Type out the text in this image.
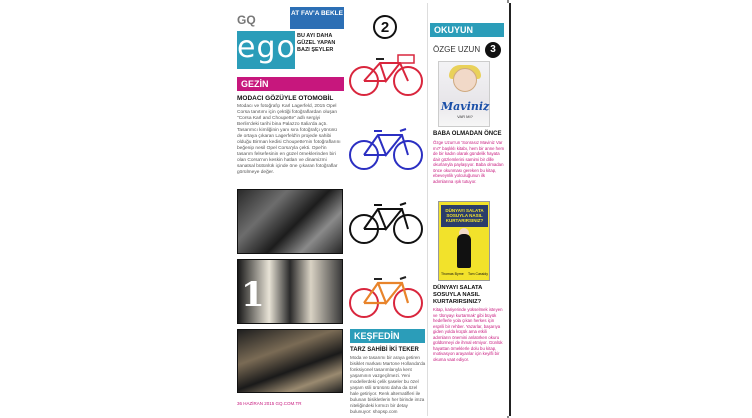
GQ	AT FAV'A BEKLE
ego BU AYI DAHA GÜZEL YAPAN BAZI ŞEYLER
GEZİN
MODACI GÖZÜYLE OTOMOBİL
Modacı ve fotoğrafçı Karl Lagerfeld, 2015 Opel Corsa tanıtımı için çektiği fotoğraflardan oluşan "Corsa Karl and Choupette" adlı sergiyi Berlin'deki tarihi bina Palazzo Italia'da açtı. Tasarımcı kimliğinin yanı sıra fotoğrafçı yönünü de ortaya çıkaran Lagerfeld'in projede sahibi olduğu Birman kedisi Choupette'nin fotoğraflarını beğenip nesil Opel Corsa'yla çekti. Opel'in tasarım felsefesinin en güzel örneklerinden biri olan Corsa'nın keskin hatları ve dinamizmi sanatsal bütünlük içinde öne çıkaran fotoğraflar görülmeye değer.
1
36 HAZİRAN 2015 GQ.COM.TR
2
KEŞFEDİN
TARZ SAHİBİ İKİ TEKER
Moda ve tasarımı bir araya getiren bisiklet markası Martone Hollanda'da fonksiyonel tasarımlarıyla kent yaşamının vazgeçilmezi. Yeni modellerdeki çelik şaseler bu özel yaşam stili ürününü daha da özel hale getiriyor. Renk alternatifleri ile bulunan bisikletlerin her birinde imza niteliğindeki kırmızı bir detay bulunuyor: shopsp.com
OKUYUN
ÖZGE UZUN	3
Maviniz
VAR MI?
BABA OLMADAN ÖNCE
Özge Uzun'un 'Sonrasız Maviniz Var mı?' başlıklı kitabı, hem bir anne hem de bir kadın olarak gündelik hayata dair gözlemlerini samimi bir dille okurlarıyla paylaşıyor. Baba olmadan önce okunması gereken bu kitap, ebeveynlik yolculuğunun ilk adımlarına ışık tutuyor.
DÜNYAYI SALATA SOSUYLA NASIL KURTARIRSINIZ?
Thomas Byrne Tom Cassidy
DÜNYAYI SALATA SOSUYLA NASIL KURTARIRSINIZ?
Kitap, kariyerinde yükselmek isteyen ve 'dünyayı kurtarmak' gibi büyük hedeflerle yola çıkan herkes için esprili bir rehber. Yazarlar, başarıya giden yolda küçük ama etkili adımların önemini anlatırken okuru güldürmeyi de ihmal etmiyor. Günlük hayattan örneklerle dolu bu kitap, motivasyon arayanlar için keyifli bir okuma vaat ediyor.
